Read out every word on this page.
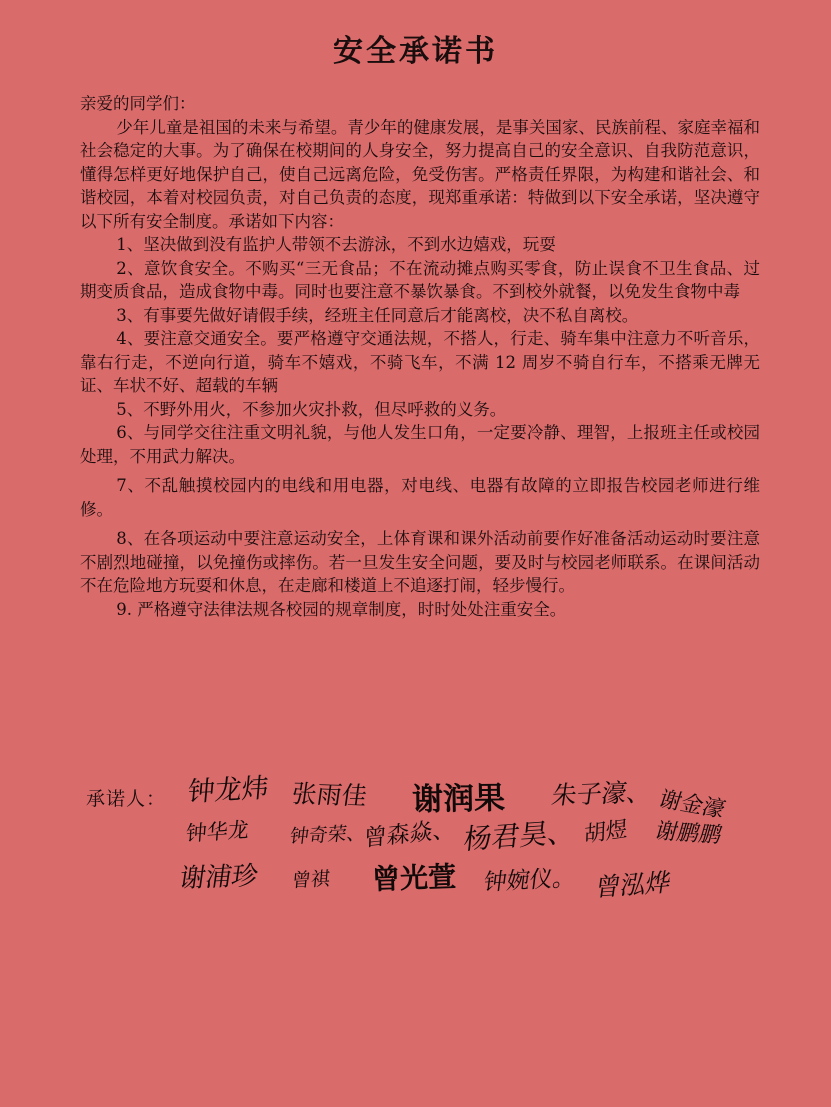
安全承诺书

亲爱的同学们：

少年儿童是祖国的未来与希望。青少年的健康发展，是事关国家、民族前程、家庭幸福和社会稳定的大事。为了确保在校期间的人身安全，努力提高自己的安全意识、自我防范意识，懂得怎样更好地保护自己，使自己远离危险，免受伤害。严格责任界限，为构建和谐社会、和谐校园，本着对校园负责，对自己负责的态度，现郑重承诺：特做到以下安全承诺，坚决遵守以下所有安全制度。承诺如下内容：

1、坚决做到没有监护人带领不去游泳，不到水边嬉戏，玩耍

2、意饮食安全。不购买“三无食品；不在流动摊点购买零食，防止误食不卫生食品、过期变质食品，造成食物中毒。同时也要注意不暴饮暴食。不到校外就餐，以免发生食物中毒

3、有事要先做好请假手续，经班主任同意后才能离校，决不私自离校。

4、要注意交通安全。要严格遵守交通法规，不搭人，行走、骑车集中注意力不听音乐，靠右行走，不逆向行道，骑车不嬉戏，不骑飞车，不满 12 周岁不骑自行车，不搭乘无牌无证、车状不好、超载的车辆

5、不野外用火，不参加火灾扑救，但尽呼救的义务。

6、与同学交往注重文明礼貌，与他人发生口角，一定要冷静、理智，上报班主任或校园处理，不用武力解决。

7、不乱触摸校园内的电线和用电器，对电线、电器有故障的立即报告校园老师进行维修。

8、在各项运动中要注意运动安全，上体育课和课外活动前要作好准备活动运动时要注意不剧烈地碰撞，以免撞伤或摔伤。若一旦发生安全问题，要及时与校园老师联系。在课间活动不在危险地方玩耍和休息，在走廊和楼道上不追逐打闹，轻步慢行。

9. 严格遵守法律法规各校园的规章制度，时时处处注重安全。

承诺人： 钟龙炜 张雨佳 谢润果 朱子濠、 谢金濠
钟华龙 钟奇荣、
曾森焱、 杨君昊、 胡煜 谢鹏鹏
谢浦珍 曾祺 曾光萱 钟婉仪。 曾泓烨
